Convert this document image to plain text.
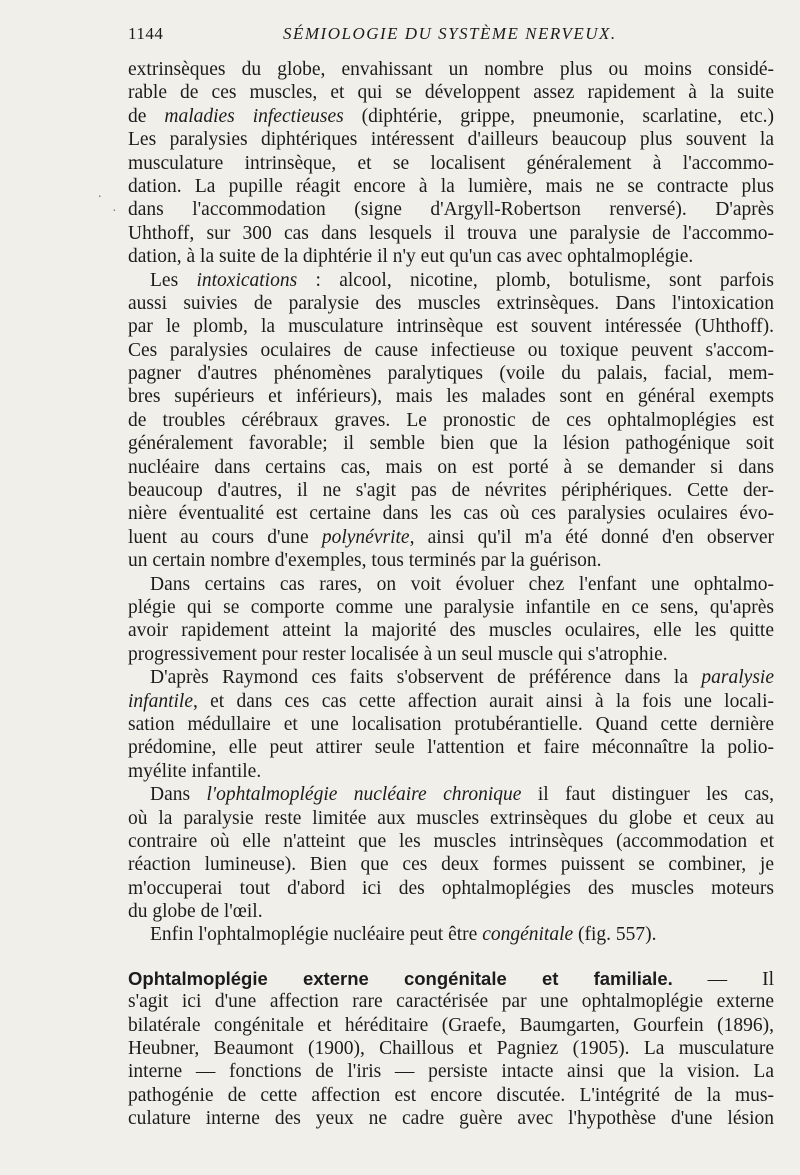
1144	SÉMIOLOGIE DU SYSTÈME NERVEUX.
.
·
extrinsèques du globe, envahissant un nombre plus ou moins considé-
rable de ces muscles, et qui se développent assez rapidement à la suite
de maladies infectieuses (diphtérie, grippe, pneumonie, scarlatine, etc.)
Les paralysies diphtériques intéressent d'ailleurs beaucoup plus souvent la
musculature intrinsèque, et se localisent généralement à l'accommo-
dation. La pupille réagit encore à la lumière, mais ne se contracte plus
dans l'accommodation (signe d'Argyll-Robertson renversé). D'après
Uhthoff, sur 300 cas dans lesquels il trouva une paralysie de l'accommo-
dation, à la suite de la diphtérie il n'y eut qu'un cas avec ophtalmoplégie.
Les intoxications : alcool, nicotine, plomb, botulisme, sont parfois
aussi suivies de paralysie des muscles extrinsèques. Dans l'intoxication
par le plomb, la musculature intrinsèque est souvent intéressée (Uhthoff).
Ces paralysies oculaires de cause infectieuse ou toxique peuvent s'accom-
pagner d'autres phénomènes paralytiques (voile du palais, facial, mem-
bres supérieurs et inférieurs), mais les malades sont en général exempts
de troubles cérébraux graves. Le pronostic de ces ophtalmoplégies est
généralement favorable; il semble bien que la lésion pathogénique soit
nucléaire dans certains cas, mais on est porté à se demander si dans
beaucoup d'autres, il ne s'agit pas de névrites périphériques. Cette der-
nière éventualité est certaine dans les cas où ces paralysies oculaires évo-
luent au cours d'une polynévrite, ainsi qu'il m'a été donné d'en observer
un certain nombre d'exemples, tous terminés par la guérison.
Dans certains cas rares, on voit évoluer chez l'enfant une ophtalmo-
plégie qui se comporte comme une paralysie infantile en ce sens, qu'après
avoir rapidement atteint la majorité des muscles oculaires, elle les quitte
progressivement pour rester localisée à un seul muscle qui s'atrophie.
D'après Raymond ces faits s'observent de préférence dans la paralysie
infantile, et dans ces cas cette affection aurait ainsi à la fois une locali-
sation médullaire et une localisation protubérantielle. Quand cette dernière
prédomine, elle peut attirer seule l'attention et faire méconnaître la polio-
myélite infantile.
Dans l'ophtalmoplégie nucléaire chronique il faut distinguer les cas,
où la paralysie reste limitée aux muscles extrinsèques du globe et ceux au
contraire où elle n'atteint que les muscles intrinsèques (accommodation et
réaction lumineuse). Bien que ces deux formes puissent se combiner, je
m'occuperai tout d'abord ici des ophtalmoplégies des muscles moteurs
du globe de l'œil.
Enfin l'ophtalmoplégie nucléaire peut être congénitale (fig. 557).
Ophtalmoplégie externe congénitale et familiale. — Il
s'agit ici d'une affection rare caractérisée par une ophtalmoplégie externe
bilatérale congénitale et héréditaire (Graefe, Baumgarten, Gourfein (1896),
Heubner, Beaumont (1900), Chaillous et Pagniez (1905). La musculature
interne — fonctions de l'iris — persiste intacte ainsi que la vision. La
pathogénie de cette affection est encore discutée. L'intégrité de la mus-
culature interne des yeux ne cadre guère avec l'hypothèse d'une lésion
